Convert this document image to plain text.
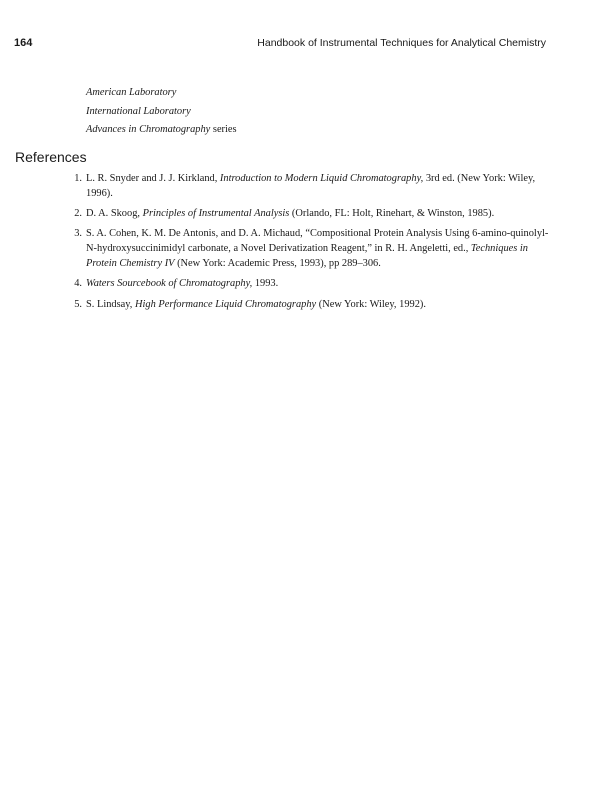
164	Handbook of Instrumental Techniques for Analytical Chemistry
American Laboratory
International Laboratory
Advances in Chromatography series
References
1. L. R. Snyder and J. J. Kirkland, Introduction to Modern Liquid Chromatography, 3rd ed. (New York: Wiley, 1996).
2. D. A. Skoog, Principles of Instrumental Analysis (Orlando, FL: Holt, Rinehart, & Winston, 1985).
3. S. A. Cohen, K. M. De Antonis, and D. A. Michaud, “Compositional Protein Analysis Using 6-amino-quinolyl-N-hydroxysuccinimidyl carbonate, a Novel Derivatization Reagent,” in R. H. Angeletti, ed., Techniques in Protein Chemistry IV (New York: Academic Press, 1993), pp 289–306.
4. Waters Sourcebook of Chromatography, 1993.
5. S. Lindsay, High Performance Liquid Chromatography (New York: Wiley, 1992).
